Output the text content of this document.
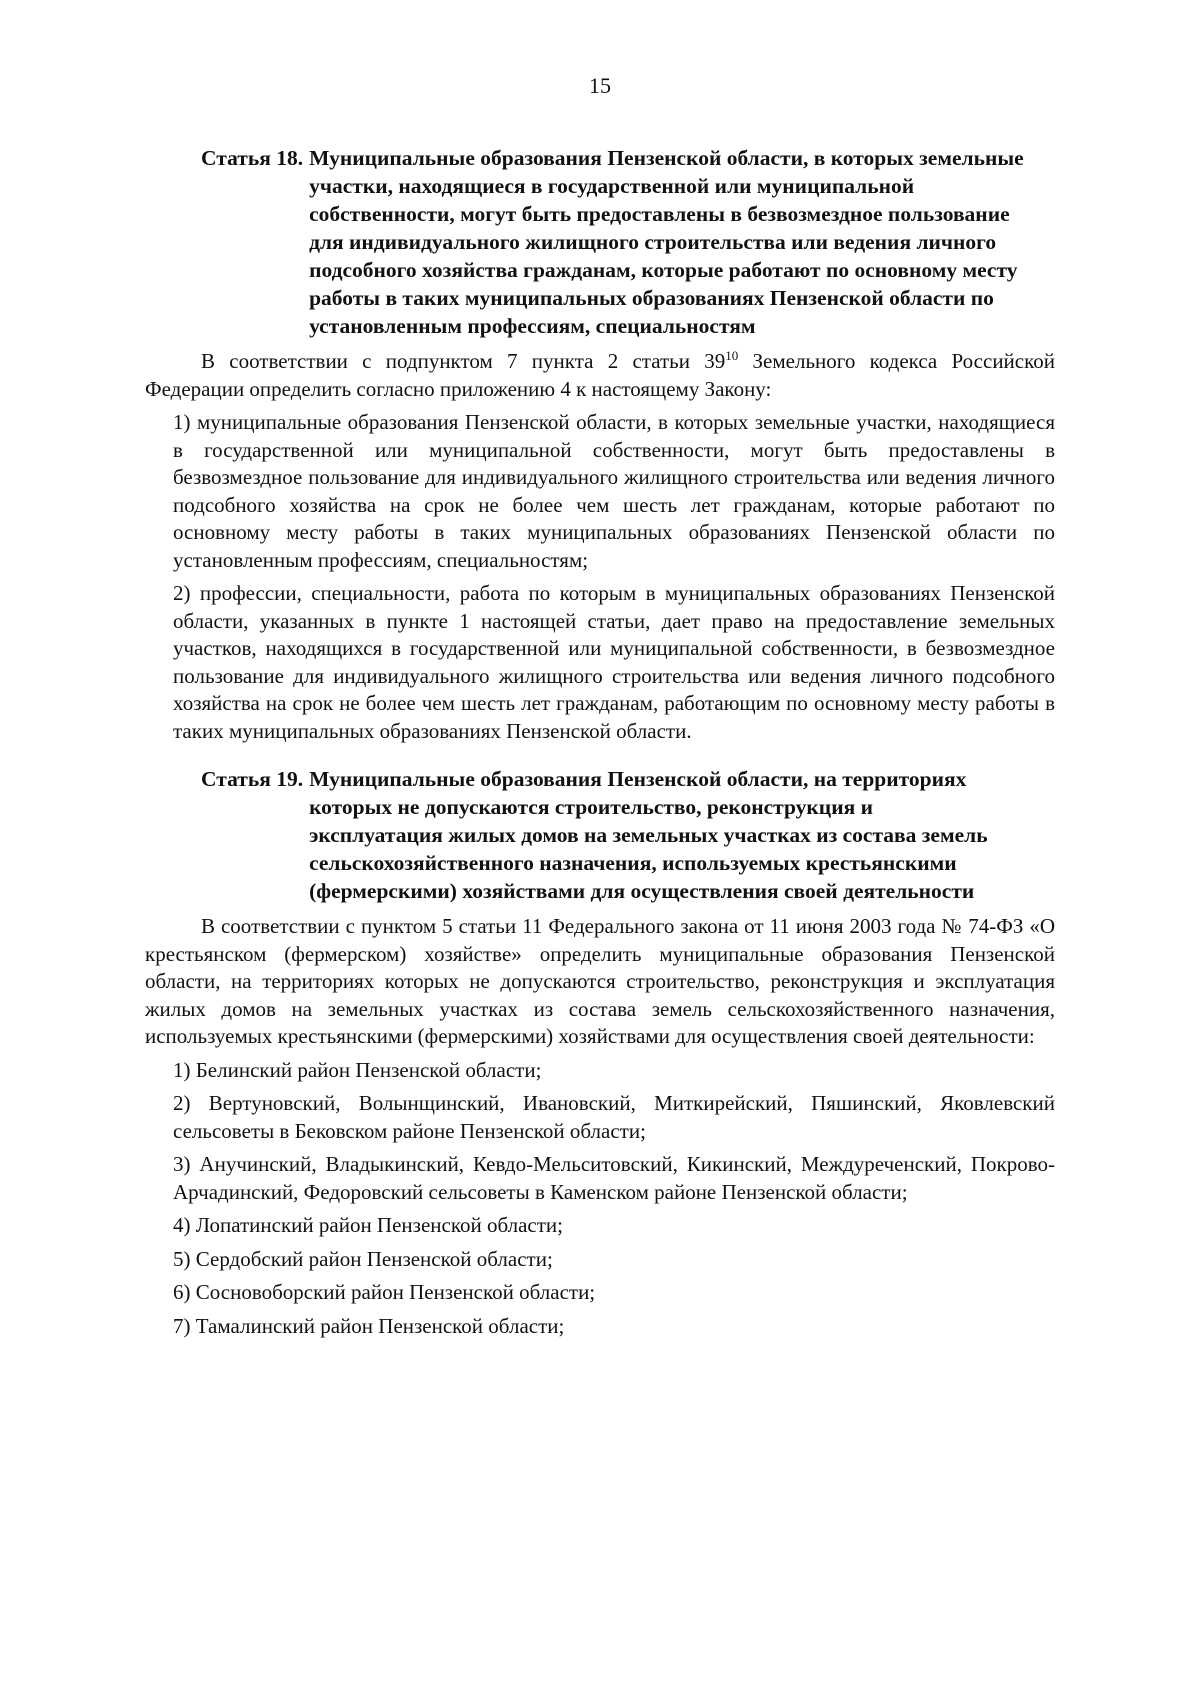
15
Статья 18. Муниципальные образования Пензенской области, в которых земельные участки, находящиеся в государственной или муниципальной собственности, могут быть предоставлены в безвозмездное пользование для индивидуального жилищного строительства или ведения личного подсобного хозяйства гражданам, которые работают по основному месту работы в таких муниципальных образованиях Пензенской области по установленным профессиям, специальностям

В соответствии с подпунктом 7 пункта 2 статьи $39^{10}$ Земельного кодекса Российской Федерации определить согласно приложению 4 к настоящему Закону:

1) муниципальные образования Пензенской области, в которых земельные участки, находящиеся в государственной или муниципальной собственности, могут быть предоставлены в безвозмездное пользование для индивидуального жилищного строительства или ведения личного подсобного хозяйства на срок не более чем шесть лет гражданам, которые работают по основному месту работы в таких муниципальных образованиях Пензенской области по установленным профессиям, специальностям;

2) профессии, специальности, работа по которым в муниципальных образованиях Пензенской области, указанных в пункте 1 настоящей статьи, дает право на предоставление земельных участков, находящихся в государственной или муниципальной собственности, в безвозмездное пользование для индивидуального жилищного строительства или ведения личного подсобного хозяйства на срок не более чем шесть лет гражданам, работающим по основному месту работы в таких муниципальных образованиях Пензенской области.

Статья 19. Муниципальные образования Пензенской области, на территориях которых не допускаются строительство, реконструкция и эксплуатация жилых домов на земельных участках из состава земель сельскохозяйственного назначения, используемых крестьянскими (фермерскими) хозяйствами для осуществления своей деятельности

В соответствии с пунктом 5 статьи 11 Федерального закона от 11 июня 2003 года № 74-ФЗ «О крестьянском (фермерском) хозяйстве» определить муниципальные образования Пензенской области, на территориях которых не допускаются строительство, реконструкция и эксплуатация жилых домов на земельных участках из состава земель сельскохозяйственного назначения, используемых крестьянскими (фермерскими) хозяйствами для осуществления своей деятельности:

1) Белинский район Пензенской области;

2) Вертуновский, Волынщинский, Ивановский, Миткирейский, Пяшинский, Яковлевский сельсоветы в Бековском районе Пензенской области;

3) Анучинский, Владыкинский, Кевдо-Мельситовский, Кикинский, Междуреченский, Покрово-Арчадинский, Федоровский сельсоветы в Каменском районе Пензенской области;

4) Лопатинский район Пензенской области;

5) Сердобский район Пензенской области;

6) Сосновоборский район Пензенской области;

7) Тамалинский район Пензенской области;
